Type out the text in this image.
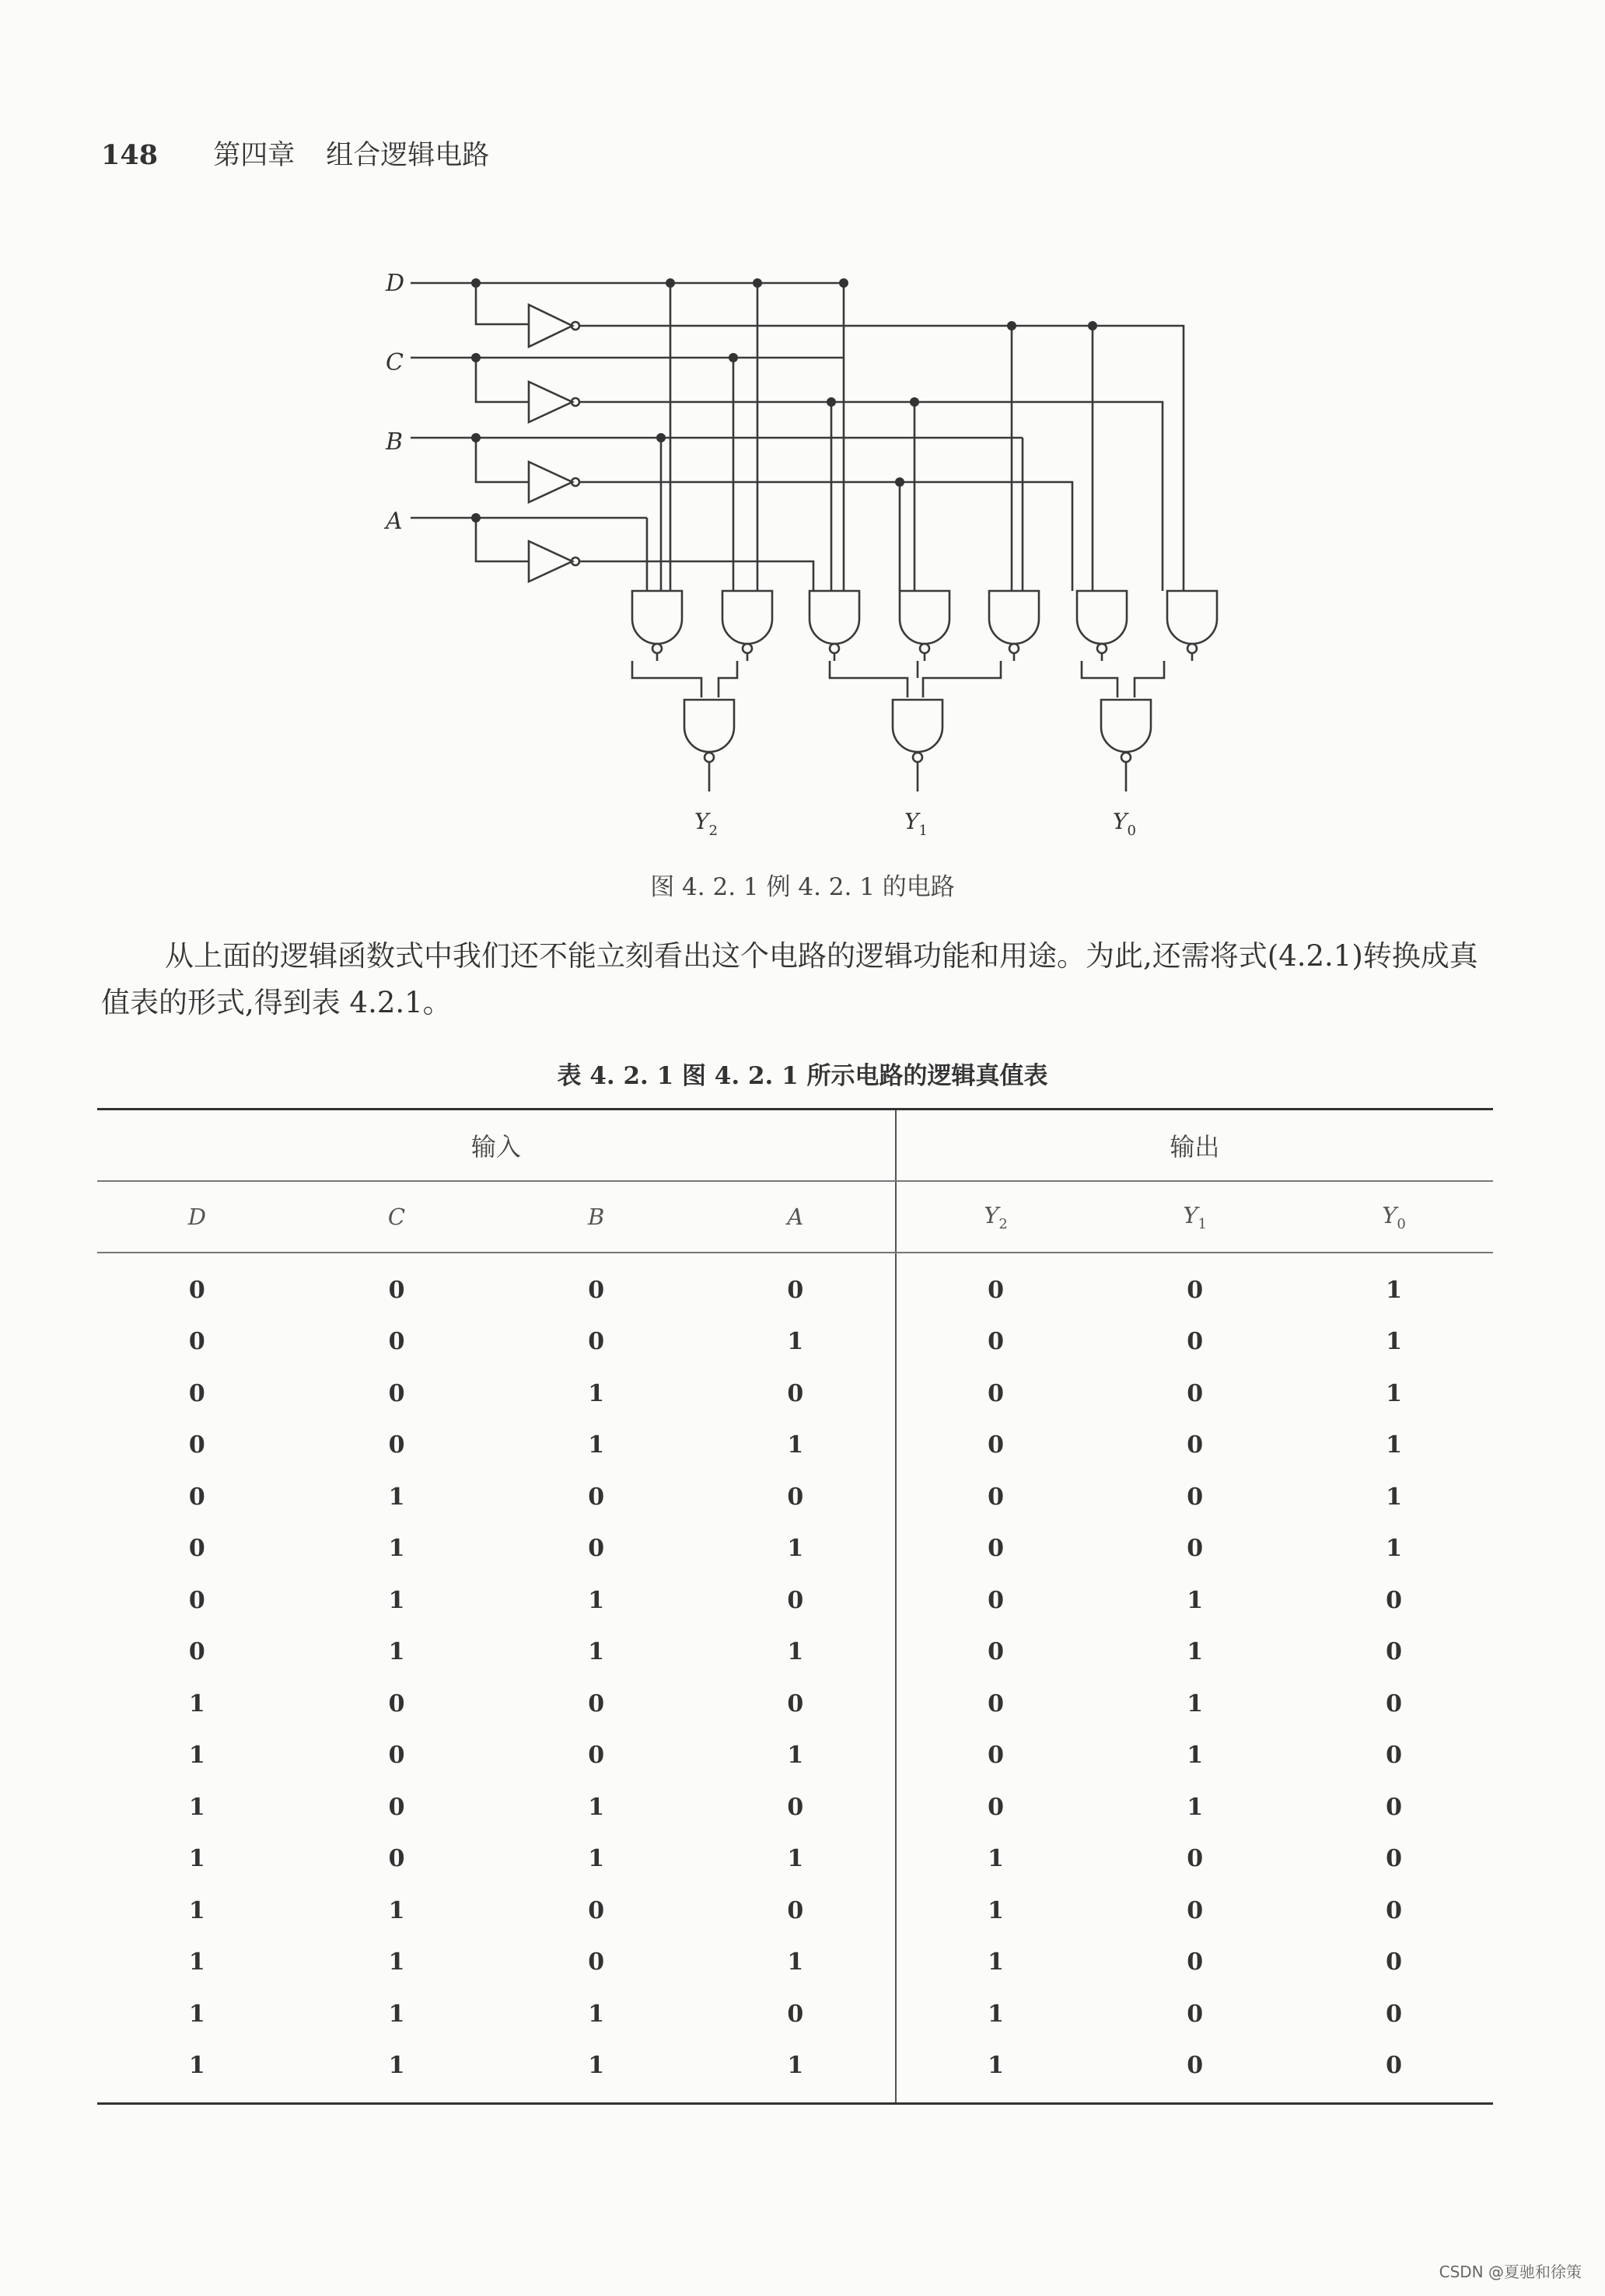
148 第四章 组合逻辑电路
D
C
B
A
$Y_2$	$Y_1$	$Y_0$
图 4. 2. 1 例 4. 2. 1 的电路
从上面的逻辑函数式中我们还不能立刻看出这个电路的逻辑功能和用途。为此,还需将式(4.2.1)转换成真值表的形式,得到表 4.2.1。
表 4. 2. 1 图 4. 2. 1 所示电路的逻辑真值表
输入				输出		
D	C	B	A	$Y_2$	$Y_1$	$Y_0$
0	0	0	0	0	0	1
0	0	0	1	0	0	1
0	0	1	0	0	0	1
0	0	1	1	0	0	1
0	1	0	0	0	0	1
0	1	0	1	0	0	1
0	1	1	0	0	1	0
0	1	1	1	0	1	0
1	0	0	0	0	1	0
1	0	0	1	0	1	0
1	0	1	0	0	1	0
1	0	1	1	1	0	0
1	1	0	0	1	0	0
1	1	0	1	1	0	0
1	1	1	0	1	0	0
1	1	1	1	1	0	0
CSDN @夏驰和徐策
